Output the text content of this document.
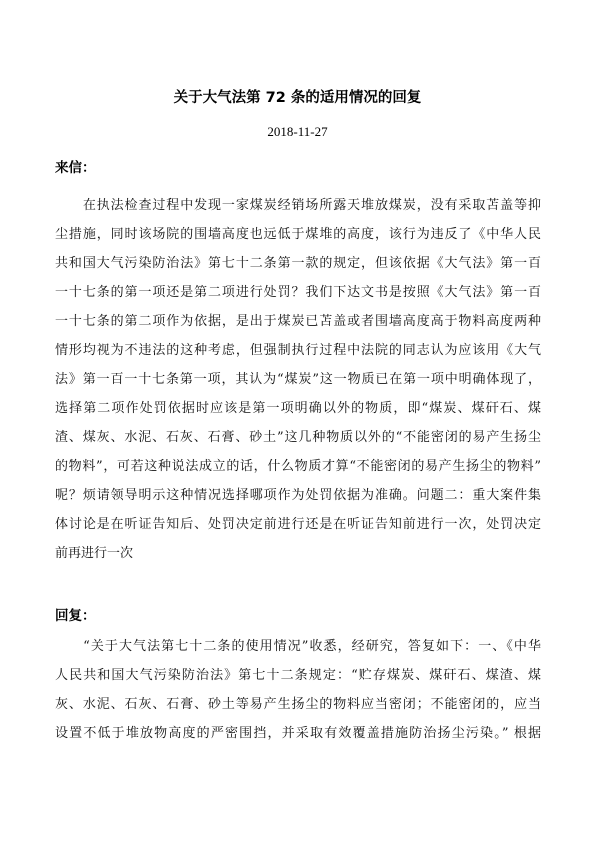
关于大气法第 72 条的适用情况的回复
2018-11-27
来信：
　　在执法检查过程中发现一家煤炭经销场所露天堆放煤炭，没有采取苫盖等抑
尘措施，同时该场院的围墙高度也远低于煤堆的高度，该行为违反了《中华人民
共和国大气污染防治法》第七十二条第一款的规定，但该依据《大气法》第一百
一十七条的第一项还是第二项进行处罚？我们下达文书是按照《大气法》第一百
一十七条的第二项作为依据，是出于煤炭已苫盖或者围墙高度高于物料高度两种
情形均视为不违法的这种考虑，但强制执行过程中法院的同志认为应该用《大气
法》第一百一十七条第一项，其认为“煤炭”这一物质已在第一项中明确体现了，
选择第二项作处罚依据时应该是第一项明确以外的物质，即“煤炭、煤矸石、煤
渣、煤灰、水泥、石灰、石膏、砂土”这几种物质以外的“不能密闭的易产生扬尘
的物料”，可若这种说法成立的话，什么物质才算“不能密闭的易产生扬尘的物料”
呢？烦请领导明示这种情况选择哪项作为处罚依据为准确。问题二：重大案件集
体讨论是在听证告知后、处罚决定前进行还是在听证告知前进行一次，处罚决定
前再进行一次
回复：
　　“关于大气法第七十二条的使用情况”收悉，经研究，答复如下：一、《中华
人民共和国大气污染防治法》第七十二条规定：“贮存煤炭、煤矸石、煤渣、煤
灰、水泥、石灰、石膏、砂土等易产生扬尘的物料应当密闭；不能密闭的，应当
设置不低于堆放物高度的严密围挡，并采取有效覆盖措施防治扬尘污染。” 根据
